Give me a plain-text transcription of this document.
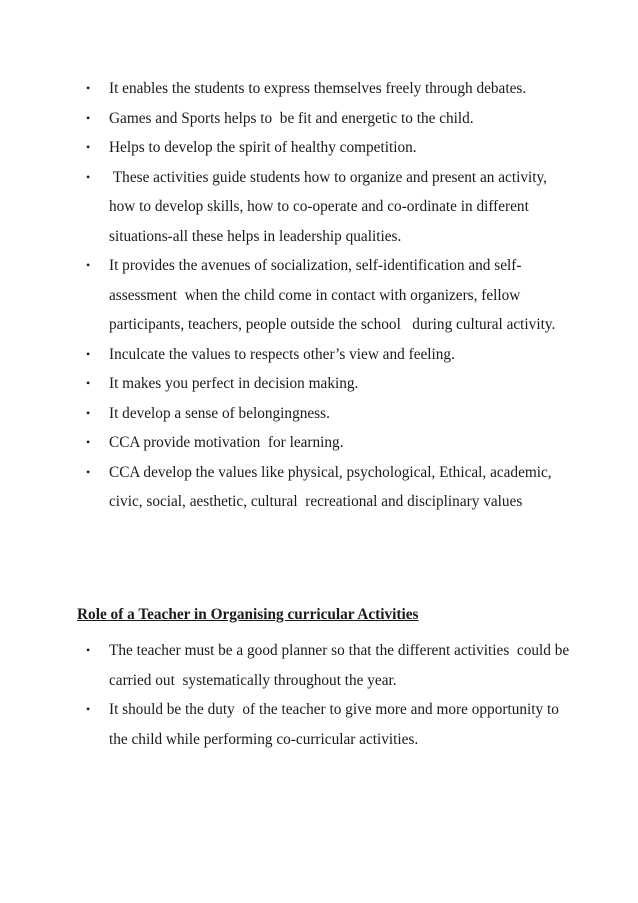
• It enables the students to express themselves freely through debates.
• Games and Sports helps to  be fit and energetic to the child.
• Helps to develop the spirit of healthy competition.
• These activities guide students how to organize and present an activity, how to develop skills, how to co-operate and co-ordinate in different situations-all these helps in leadership qualities.
• It provides the avenues of socialization, self-identification and self-assessment  when the child come in contact with organizers, fellow participants, teachers, people outside the school   during cultural activity.
• Inculcate the values to respects other’s view and feeling.
• It makes you perfect in decision making.
• It develop a sense of belongingness.
• CCA provide motivation  for learning.
• CCA develop the values like physical, psychological, Ethical, academic, civic, social, aesthetic, cultural  recreational and disciplinary values
Role of a Teacher in Organising curricular Activities
• The teacher must be a good planner so that the different activities  could be carried out  systematically throughout the year.
• It should be the duty  of the teacher to give more and more opportunity to the child while performing co-curricular activities.
